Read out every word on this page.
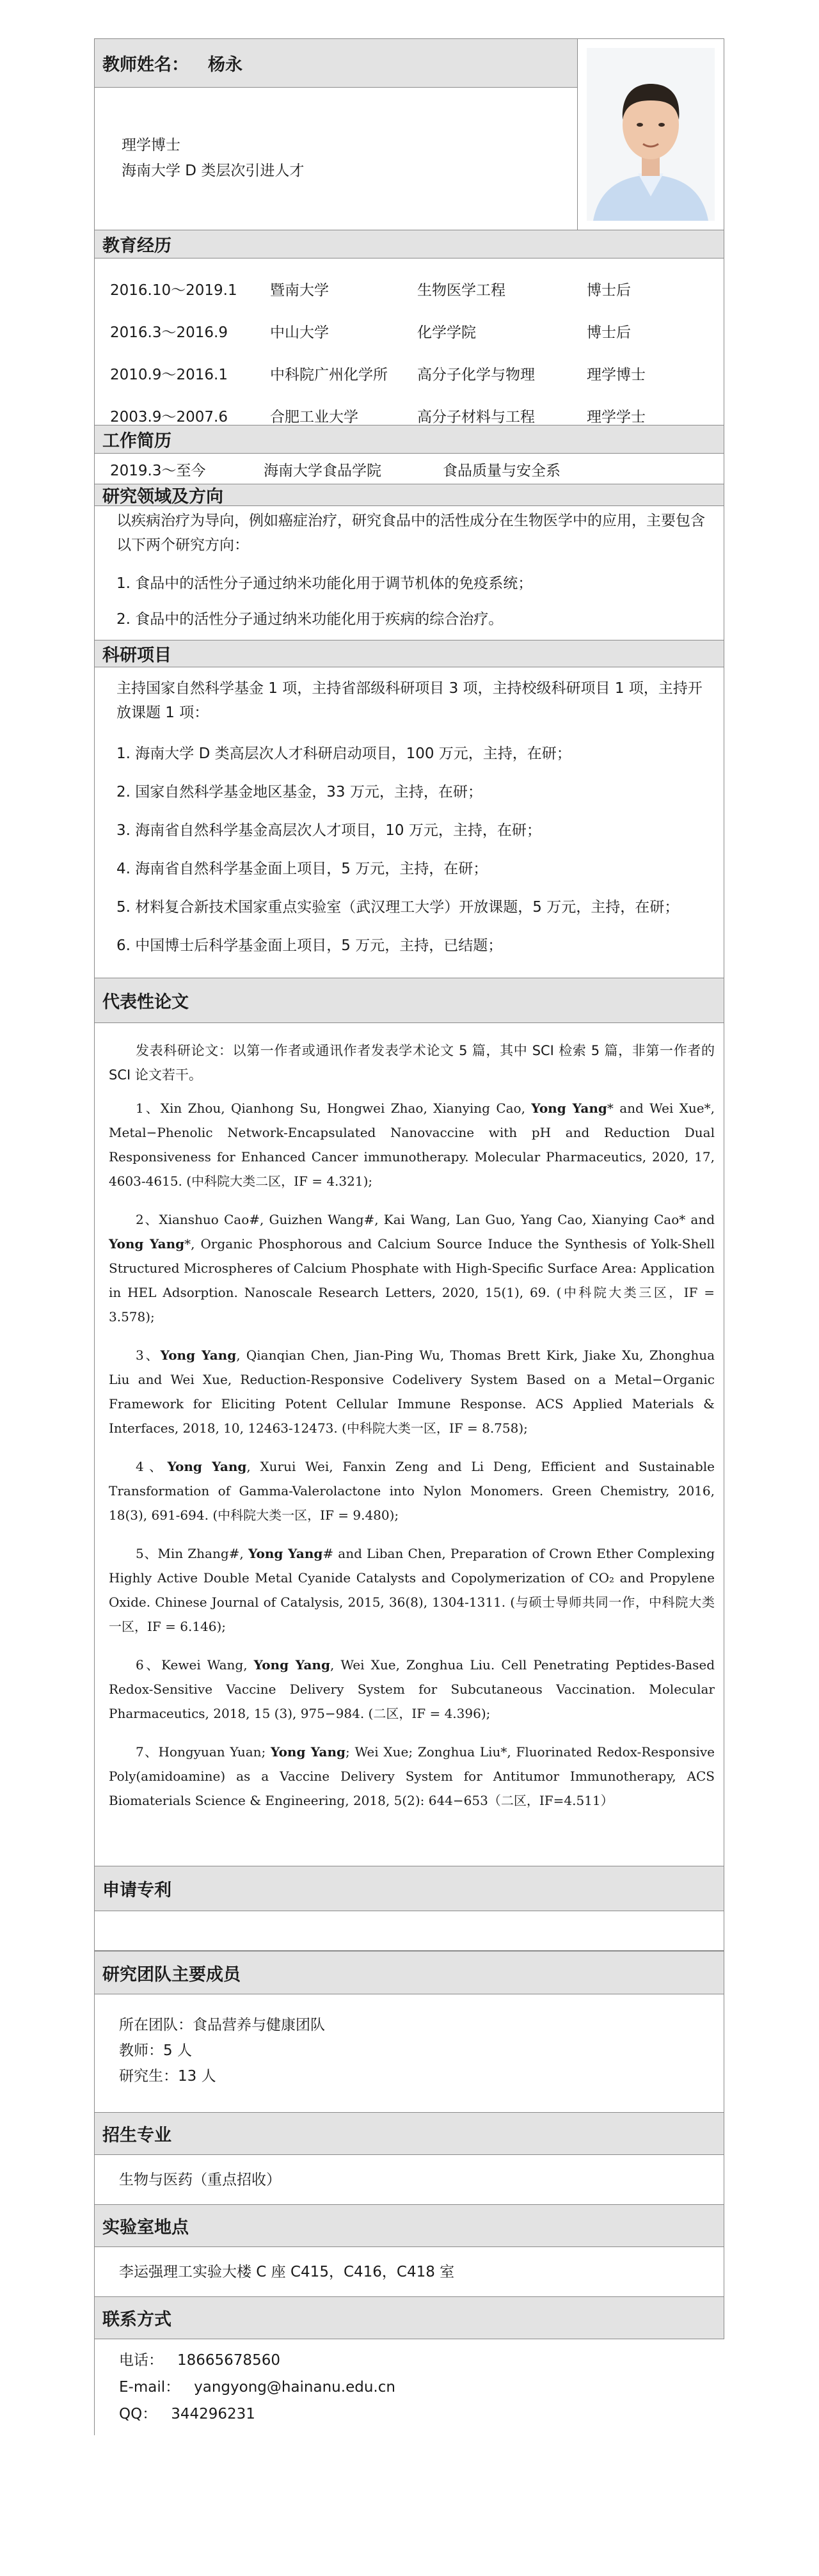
教师姓名： 杨永
理学博士
海南大学 D 类层次引进人才
教育经历
2016.10～2019.1	暨南大学	生物医学工程	博士后
2016.3～2016.9	中山大学	化学学院	博士后
2010.9～2016.1	中科院广州化学所	高分子化学与物理	理学博士
2003.9～2007.6	合肥工业大学	高分子材料与工程	理学学士
工作简历
2019.3～至今	海南大学食品学院	食品质量与安全系
研究领域及方向
以疾病治疗为导向，例如癌症治疗，研究食品中的活性成分在生物医学中的应用，主要包含以下两个研究方向：
1. 食品中的活性分子通过纳米功能化用于调节机体的免疫系统；
2. 食品中的活性分子通过纳米功能化用于疾病的综合治疗。
科研项目
主持国家自然科学基金 1 项，主持省部级科研项目 3 项，主持校级科研项目 1 项，主持开放课题 1 项：
1. 海南大学 D 类高层次人才科研启动项目，100 万元，主持，在研；
2. 国家自然科学基金地区基金，33 万元，主持，在研；
3. 海南省自然科学基金高层次人才项目，10 万元，主持，在研；
4. 海南省自然科学基金面上项目，5 万元，主持，在研；
5. 材料复合新技术国家重点实验室（武汉理工大学）开放课题，5 万元，主持，在研；
6. 中国博士后科学基金面上项目，5 万元，主持，已结题；
代表性论文
发表科研论文：以第一作者或通讯作者发表学术论文 5 篇，其中 SCI 检索 5 篇，非第一作者的 SCI 论文若干。
1、Xin Zhou, Qianhong Su, Hongwei Zhao, Xianying Cao, Yong Yang* and Wei Xue*, Metal−Phenolic Network-Encapsulated Nanovaccine with pH and Reduction Dual Responsiveness for Enhanced Cancer immunotherapy. Molecular Pharmaceutics, 2020, 17, 4603-4615. (中科院大类二区，IF = 4.321);
2、Xianshuo Cao#, Guizhen Wang#, Kai Wang, Lan Guo, Yang Cao, Xianying Cao* and Yong Yang*, Organic Phosphorous and Calcium Source Induce the Synthesis of Yolk-Shell Structured Microspheres of Calcium Phosphate with High-Specific Surface Area: Application in HEL Adsorption. Nanoscale Research Letters, 2020, 15(1), 69. (中科院大类三区，IF = 3.578);
3、Yong Yang, Qianqian Chen, Jian-Ping Wu, Thomas Brett Kirk, Jiake Xu, Zhonghua Liu and Wei Xue, Reduction-Responsive Codelivery System Based on a Metal−Organic Framework for Eliciting Potent Cellular Immune Response. ACS Applied Materials & Interfaces, 2018, 10, 12463-12473. (中科院大类一区，IF = 8.758);
4、Yong Yang, Xurui Wei, Fanxin Zeng and Li Deng, Efficient and Sustainable Transformation of Gamma-Valerolactone into Nylon Monomers. Green Chemistry, 2016, 18(3), 691-694. (中科院大类一区，IF = 9.480);
5、Min Zhang#, Yong Yang# and Liban Chen, Preparation of Crown Ether Complexing Highly Active Double Metal Cyanide Catalysts and Copolymerization of CO₂ and Propylene Oxide. Chinese Journal of Catalysis, 2015, 36(8), 1304-1311. (与硕士导师共同一作，中科院大类一区，IF = 6.146);
6、Kewei Wang, Yong Yang, Wei Xue, Zonghua Liu. Cell Penetrating Peptides-Based Redox-Sensitive Vaccine Delivery System for Subcutaneous Vaccination. Molecular Pharmaceutics, 2018, 15 (3), 975−984. (二区，IF = 4.396);
7、Hongyuan Yuan; Yong Yang; Wei Xue; Zonghua Liu*, Fluorinated Redox-Responsive Poly(amidoamine) as a Vaccine Delivery System for Antitumor Immunotherapy, ACS Biomaterials Science & Engineering, 2018, 5(2): 644−653（二区，IF=4.511）
申请专利
研究团队主要成员
所在团队：食品营养与健康团队
教师：5 人
研究生：13 人
招生专业
生物与医药（重点招收）
实验室地点
李运强理工实验大楼 C 座 C415，C416，C418 室
联系方式
电话： 18665678560
E-mail： yangyong@hainanu.edu.cn
QQ： 344296231
